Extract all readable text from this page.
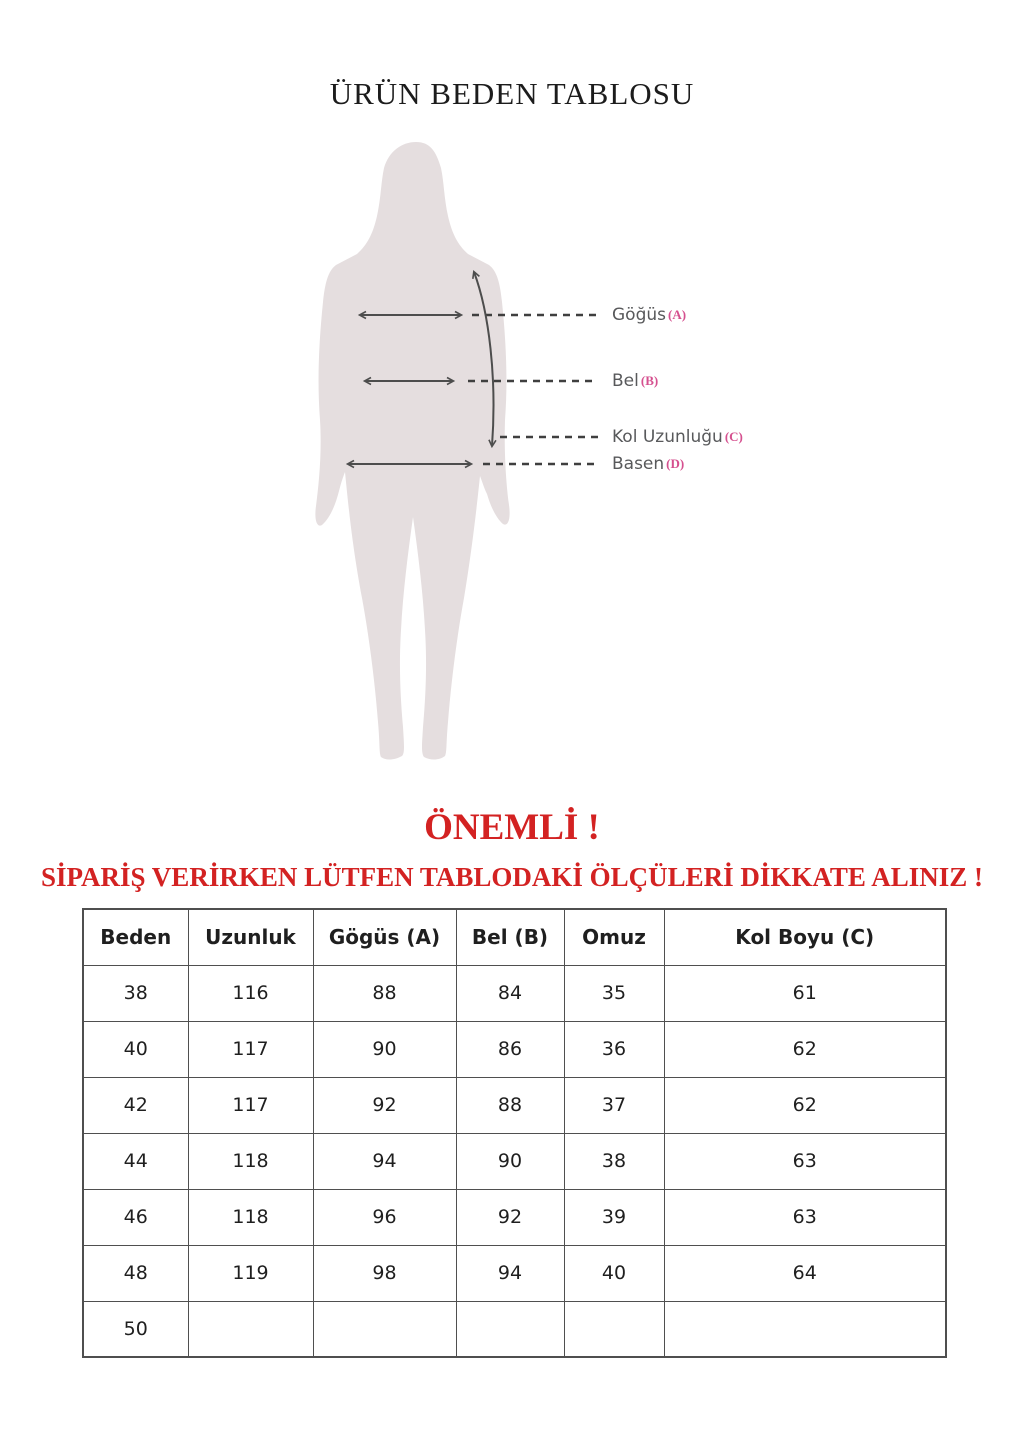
ÜRÜN BEDEN TABLOSU
Göğüs (A)
Bel (B)
Kol Uzunluğu (C)
Basen (D)
ÖNEMLİ !
SİPARİŞ VERİRKEN LÜTFEN TABLODAKİ ÖLÇÜLERİ DİKKATE ALINIZ !
Beden	Uzunluk	Gögüs (A)	Bel (B)	Omuz	Kol Boyu (C)
38	116	88	84	35	61
40	117	90	86	36	62
42	117	92	88	37	62
44	118	94	90	38	63
46	118	96	92	39	63
48	119	98	94	40	64
50					
